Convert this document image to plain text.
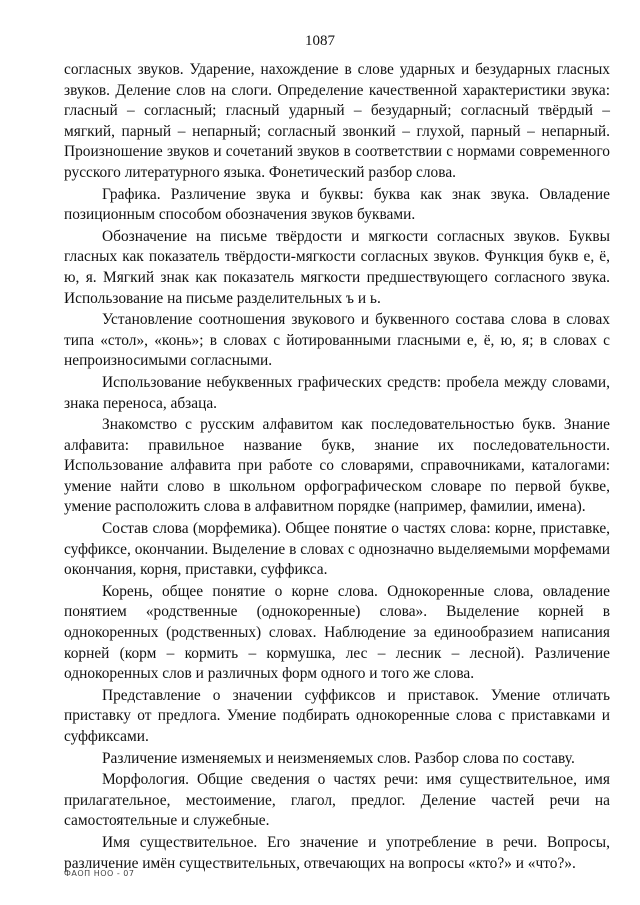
1087

согласных звуков. Ударение, нахождение в слове ударных и безударных гласных звуков. Деление слов на слоги. Определение качественной характеристики звука: гласный – согласный; гласный ударный – безударный; согласный твёрдый – мягкий, парный – непарный; согласный звонкий – глухой, парный – непарный. Произношение звуков и сочетаний звуков в соответствии с нормами современного русского литературного языка. Фонетический разбор слова.

Графика. Различение звука и буквы: буква как знак звука. Овладение позиционным способом обозначения звуков буквами.

Обозначение на письме твёрдости и мягкости согласных звуков. Буквы гласных как показатель твёрдости-мягкости согласных звуков. Функция букв е, ё, ю, я. Мягкий знак как показатель мягкости предшествующего согласного звука. Использование на письме разделительных ъ и ь.

Установление соотношения звукового и буквенного состава слова в словах типа «стол», «конь»; в словах с йотированными гласными е, ё, ю, я; в словах с непроизносимыми согласными.

Использование небуквенных графических средств: пробела между словами, знака переноса, абзаца.

Знакомство с русским алфавитом как последовательностью букв. Знание алфавита: правильное название букв, знание их последовательности. Использование алфавита при работе со словарями, справочниками, каталогами: умение найти слово в школьном орфографическом словаре по первой букве, умение расположить слова в алфавитном порядке (например, фамилии, имена).

Состав слова (морфемика). Общее понятие о частях слова: корне, приставке, суффиксе, окончании. Выделение в словах с однозначно выделяемыми морфемами окончания, корня, приставки, суффикса.

Корень, общее понятие о корне слова. Однокоренные слова, овладение понятием «родственные (однокоренные) слова». Выделение корней в однокоренных (родственных) словах. Наблюдение за единообразием написания корней (корм – кормить – кормушка, лес – лесник – лесной). Различение однокоренных слов и различных форм одного и того же слова.

Представление о значении суффиксов и приставок. Умение отличать приставку от предлога. Умение подбирать однокоренные слова с приставками и суффиксами.

Различение изменяемых и неизменяемых слов. Разбор слова по составу.

Морфология. Общие сведения о частях речи: имя существительное, имя прилагательное, местоимение, глагол, предлог. Деление частей речи на самостоятельные и служебные.

Имя существительное. Его значение и употребление в речи. Вопросы, различение имён существительных, отвечающих на вопросы «кто?» и «что?».

ФАОП НОО - 07
